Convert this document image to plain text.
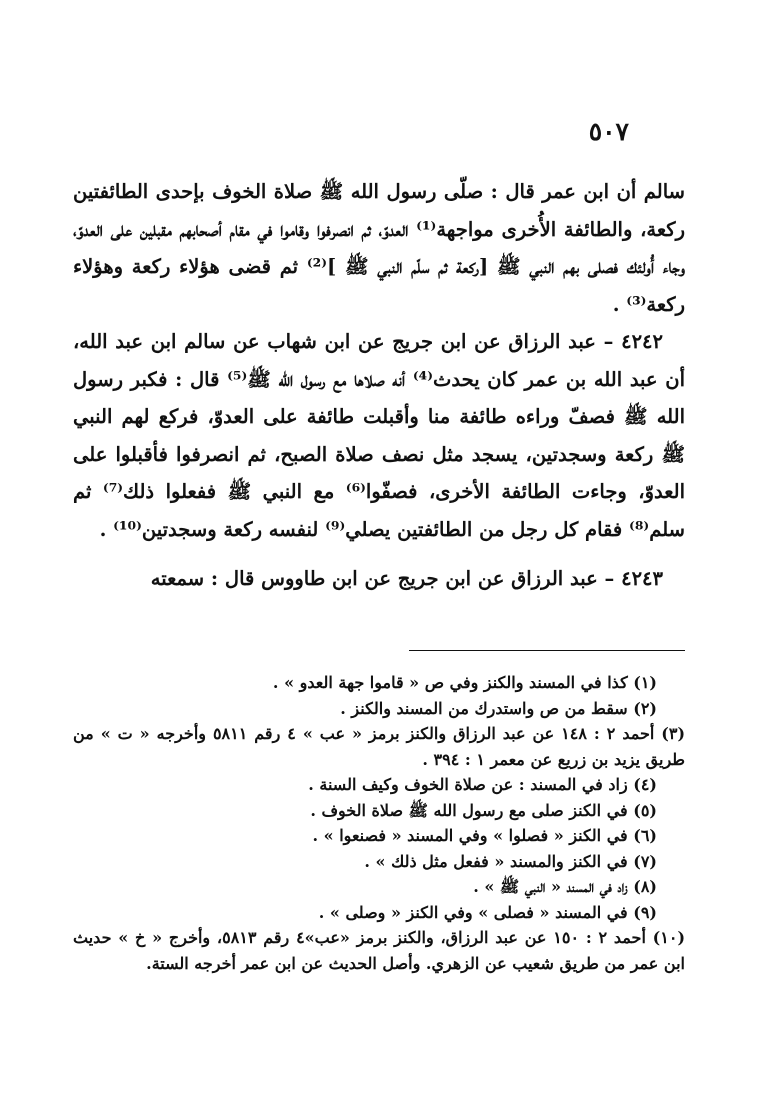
٥٠٧

سالم أن ابن عمر قال : صلّى رسول الله ﷺ صلاة الخوف بإحدى الطائفتين ركعة، والطائفة الأُخرى مواجهة⁽¹⁾ العدوّ، ثم انصرفوا وقاموا في مقام أصحابهم مقبلين على العدوّ، وجاء أُولئك فصلى بهم النبي ﷺ [ركعة ثم سلّم النبي ﷺ ]⁽²⁾ ثم قضى هؤلاء ركعة وهؤلاء ركعة⁽³⁾ .

٤٢٤٢ – عبد الرزاق عن ابن جريج عن ابن شهاب عن سالم ابن عبد الله، أن عبد الله بن عمر كان يحدث⁽⁴⁾ أنه صلاها مع رسول الله ﷺ⁽⁵⁾ قال : فكبر رسول الله ﷺ فصفّ وراءه طائفة منا وأقبلت طائفة على العدوّ، فركع لهم النبي ﷺ ركعة وسجدتين، يسجد مثل نصف صلاة الصبح، ثم انصرفوا فأقبلوا على العدوّ، وجاءت الطائفة الأخرى، فصفّوا⁽⁶⁾ مع النبي ﷺ ففعلوا ذلك⁽⁷⁾ ثم سلم⁽⁸⁾ فقام كل رجل من الطائفتين يصلي⁽⁹⁾ لنفسه ركعة وسجدتين⁽¹⁰⁾ .

٤٢٤٣ – عبد الرزاق عن ابن جريج عن ابن طاووس قال : سمعته

(١) كذا في المسند والكنز وفي ص « قاموا جهة العدو » .

(٢) سقط من ص واستدرك من المسند والكنز .

(٣) أحمد ٢ : ١٤٨ عن عبد الرزاق والكنز برمز « عب » ٤ رقم ٥٨١١ وأخرجه « ت » من طريق يزيد بن زريع عن معمر ١ : ٣٩٤ .

(٤) زاد في المسند : عن صلاة الخوف وكيف السنة .

(٥) في الكنز صلى مع رسول الله ﷺ صلاة الخوف .

(٦) في الكنز « فصلوا » وفي المسند « فصنعوا » .

(٧) في الكنز والمسند « ففعل مثل ذلك » .

(٨) زاد في المسند « النبي ﷺ » .

(٩) في المسند « فصلى » وفي الكنز « وصلى » .

(١٠) أحمد ٢ : ١٥٠ عن عبد الرزاق، والكنز برمز «عب»٤ رقم ٥٨١٣، وأخرج « خ » حديث ابن عمر من طريق شعيب عن الزهري. وأصل الحديث عن ابن عمر أخرجه الستة.
